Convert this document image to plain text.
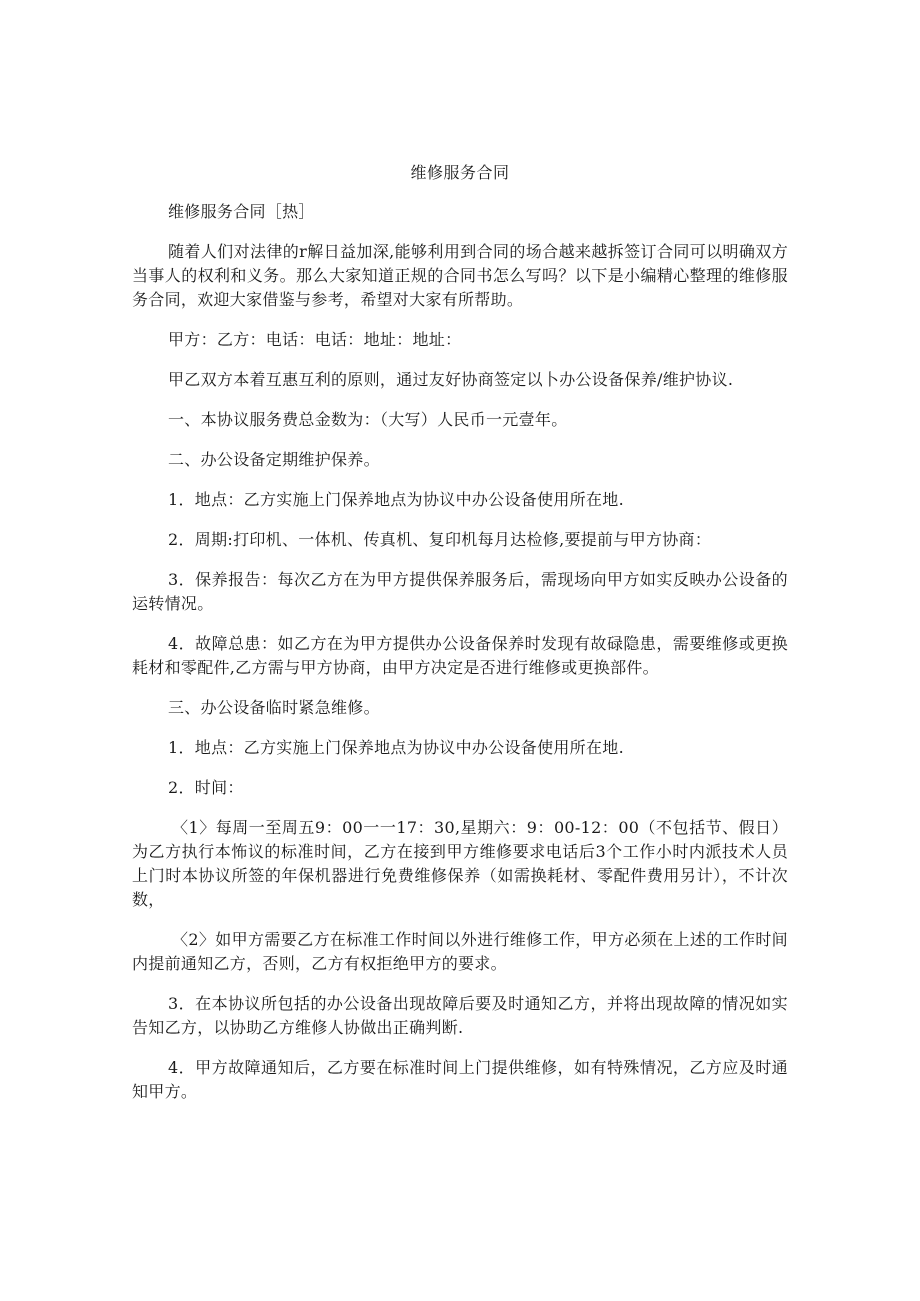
维修服务合同

维修服务合同［热］

随着人们对法律的r解日益加深,能够利用到合同的场合越来越拆签订合同可以明确双方当事人的权利和义务。那么大家知道正规的合同书怎么写吗？以下是小编精心整理的维修服务合同，欢迎大家借鉴与参考，希望对大家有所帮助。

甲方：乙方：电话：电话：地址：地址：

甲乙双方本着互惠互利的原则，通过友好协商签定以卜办公设备保养/维护协议.

一、本协议服务费总金数为：（大写）人民币一元壹年。

二、办公设备定期维护保养。

1．地点：乙方实施上门保养地点为协议中办公设备使用所在地.

2．周期:打印机、一体机、传真机、复印机每月达检修,要提前与甲方协商：

3．保养报告：每次乙方在为甲方提供保养服务后，需现场向甲方如实反映办公设备的运转情况。

4．故障总患：如乙方在为甲方提供办公设备保养时发现有故碌隐患，需要维修或更换耗材和零配件,乙方需与甲方协商，由甲方决定是否进行维修或更换部件。

三、办公设备临时紧急维修。

1．地点：乙方实施上门保养地点为协议中办公设备使用所在地.

2．时间：

〈1〉每周一至周五9：00一一17：30,星期六：9：00-12：00（不包括节、假日）为乙方执行本怖议的标准时间，乙方在接到甲方维修要求电话后3个工作小时内派技术人员上门时本协议所签的年保机器进行免费维修保养（如需换耗材、零配件费用另计），不计次数，

〈2〉如甲方需要乙方在标准工作时间以外进行维修工作，甲方必须在上述的工作时间内提前通知乙方，否则，乙方有权拒绝甲方的要求。

3．在本协议所包括的办公设备出现故障后要及时通知乙方，并将出现故障的情况如实告知乙方，以协助乙方维修人协做出正确判断.

4．甲方故障通知后，乙方要在标准时间上门提供维修，如有特殊情况，乙方应及时通知甲方。
